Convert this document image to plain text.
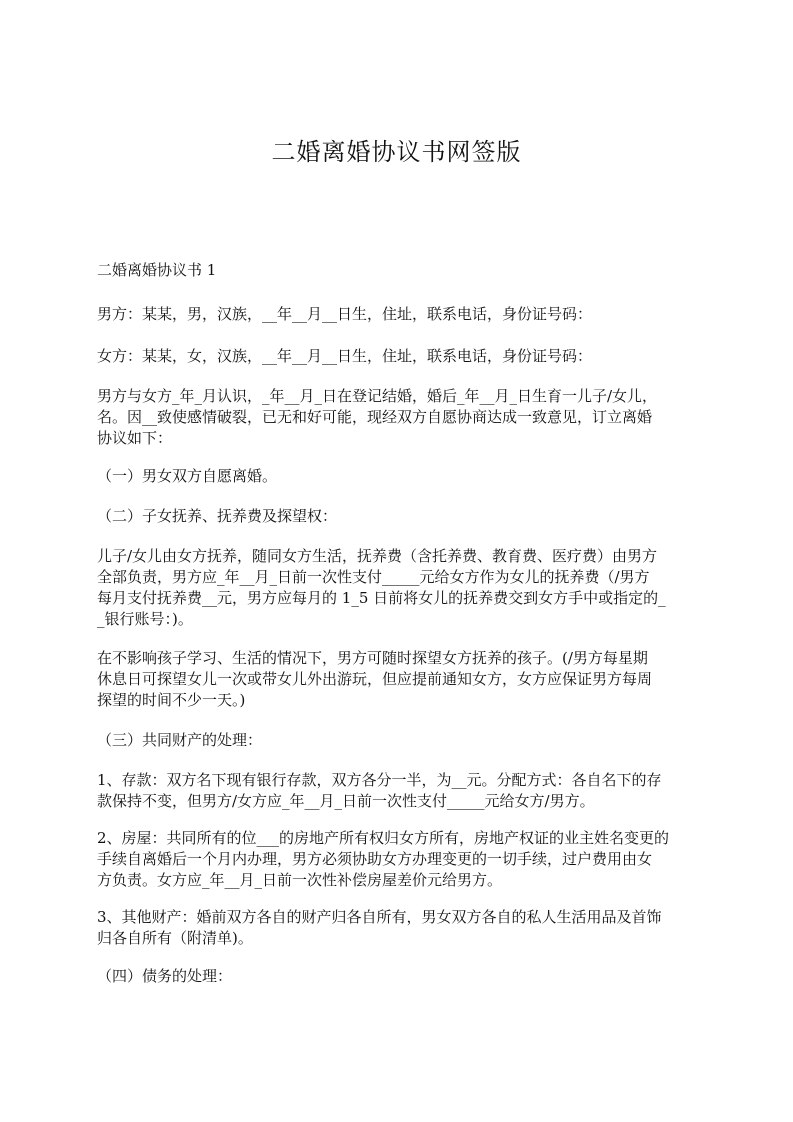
二婚离婚协议书网签版
二婚离婚协议书 1
男方：某某，男，汉族，__年__月__日生，住址，联系电话，身份证号码：
女方：某某，女，汉族，__年__月__日生，住址，联系电话，身份证号码：
男方与女方_年_月认识，_年__月_日在登记结婚，婚后_年__月_日生育一儿子/女儿，
名。因__致使感情破裂，已无和好可能，现经双方自愿协商达成一致意见，订立离婚
协议如下：
（一）男女双方自愿离婚。
（二）子女抚养、抚养费及探望权：
儿子/女儿由女方抚养，随同女方生活，抚养费（含托养费、教育费、医疗费）由男方
全部负责，男方应_年__月_日前一次性支付_____元给女方作为女儿的抚养费（/男方
每月支付抚养费__元，男方应每月的 1_5 日前将女儿的抚养费交到女方手中或指定的_
_银行账号：)。
在不影响孩子学习、生活的情况下，男方可随时探望女方抚养的孩子。(/男方每星期
休息日可探望女儿一次或带女儿外出游玩，但应提前通知女方，女方应保证男方每周
探望的时间不少一天。)
（三）共同财产的处理：
1、存款：双方名下现有银行存款，双方各分一半，为__元。分配方式：各自名下的存
款保持不变，但男方/女方应_年__月_日前一次性支付_____元给女方/男方。
2、房屋：共同所有的位___的房地产所有权归女方所有，房地产权证的业主姓名变更的
手续自离婚后一个月内办理，男方必须协助女方办理变更的一切手续，过户费用由女
方负责。女方应_年__月_日前一次性补偿房屋差价元给男方。
3、其他财产：婚前双方各自的财产归各自所有，男女双方各自的私人生活用品及首饰
归各自所有（附清单)。
（四）债务的处理：
